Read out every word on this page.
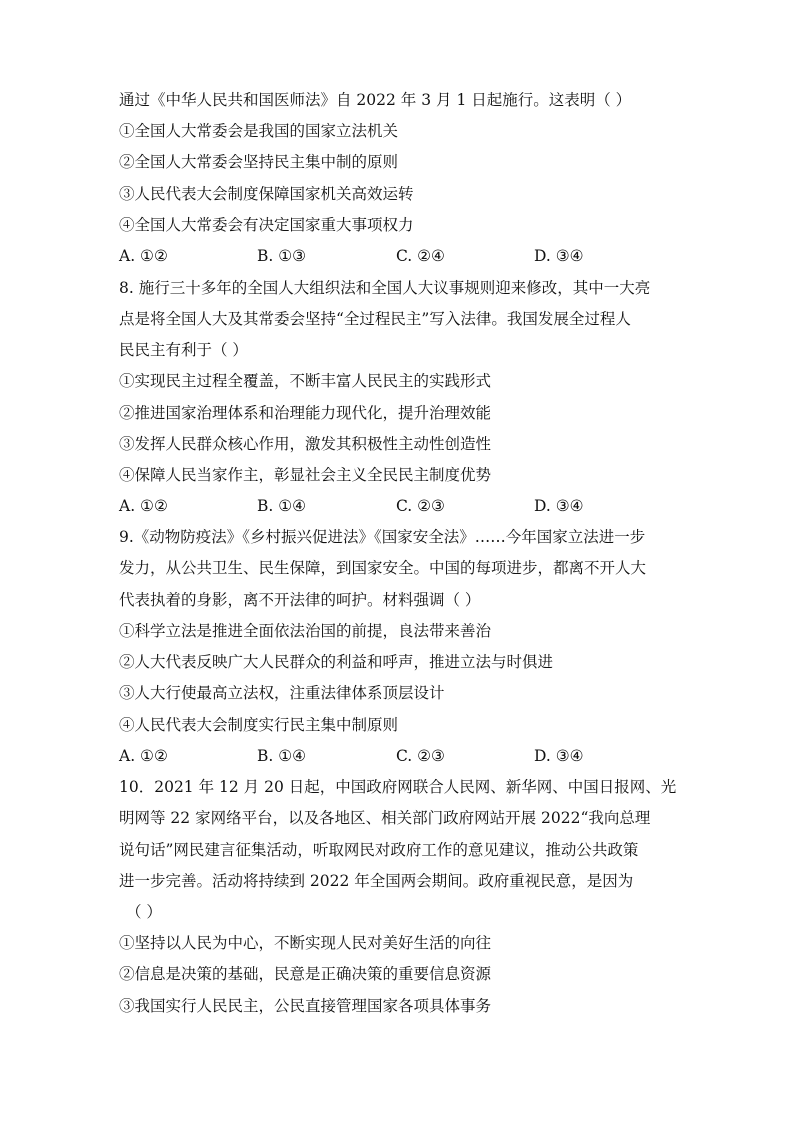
通过《中华人民共和国医师法》自 2022 年 3 月 1 日起施行。这表明（ ）
①全国人大常委会是我国的国家立法机关
②全国人大常委会坚持民主集中制的原则
③人民代表大会制度保障国家机关高效运转
④全国人大常委会有决定国家重大事项权力
A. ①②	B. ①③	C. ②④	D. ③④
8. 施行三十多年的全国人大组织法和全国人大议事规则迎来修改，其中一大亮
点是将全国人大及其常委会坚持“全过程民主”写入法律。我国发展全过程人
民民主有利于（ ）
①实现民主过程全覆盖，不断丰富人民民主的实践形式
②推进国家治理体系和治理能力现代化，提升治理效能
③发挥人民群众核心作用，激发其积极性主动性创造性
④保障人民当家作主，彰显社会主义全民民主制度优势
A. ①②	B. ①④	C. ②③	D. ③④
9.《动物防疫法》《乡村振兴促进法》《国家安全法》……今年国家立法进一步
发力，从公共卫生、民生保障，到国家安全。中国的每项进步，都离不开人大
代表执着的身影，离不开法律的呵护。材料强调（ ）
①科学立法是推进全面依法治国的前提，良法带来善治
②人大代表反映广大人民群众的利益和呼声，推进立法与时俱进
③人大行使最高立法权，注重法律体系顶层设计
④人民代表大会制度实行民主集中制原则
A. ①②	B. ①④	C. ②③	D. ③④
10．2021 年 12 月 20 日起，中国政府网联合人民网、新华网、中国日报网、光
明网等 22 家网络平台，以及各地区、相关部门政府网站开展 2022“我向总理
说句话”网民建言征集活动，听取网民对政府工作的意见建议，推动公共政策
进一步完善。活动将持续到 2022 年全国两会期间。政府重视民意，是因为
（ ）
①坚持以人民为中心，不断实现人民对美好生活的向往
②信息是决策的基础，民意是正确决策的重要信息资源
③我国实行人民民主，公民直接管理国家各项具体事务
